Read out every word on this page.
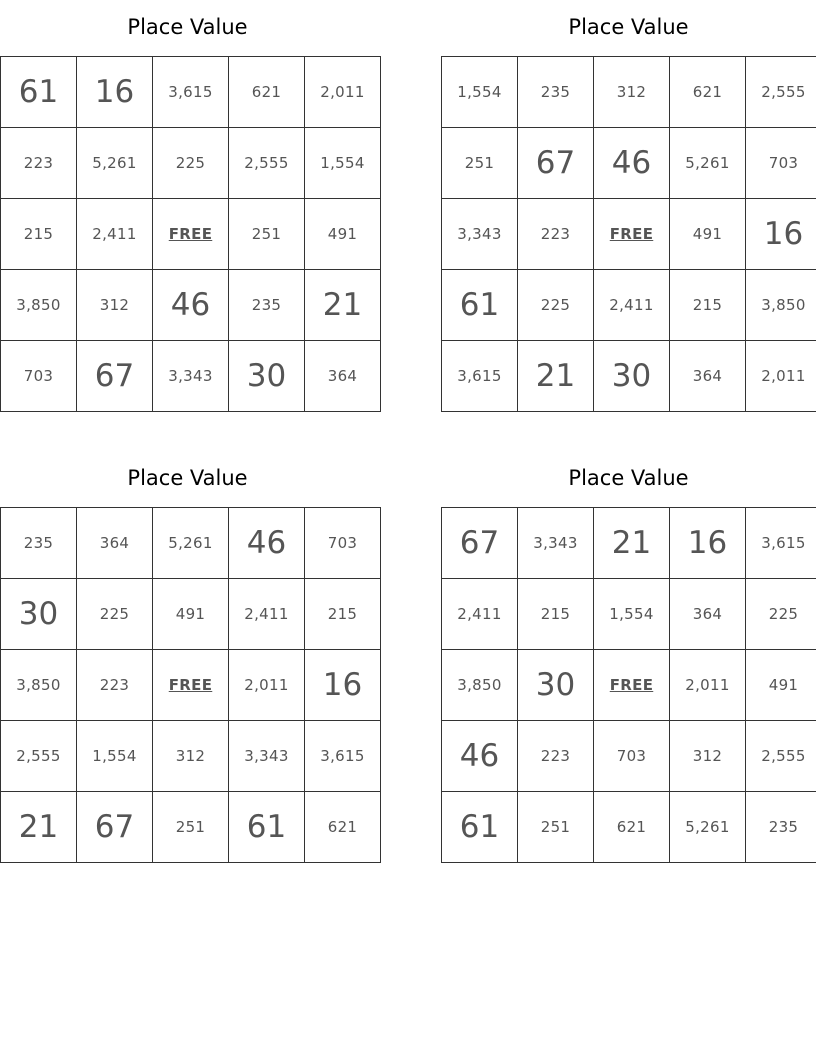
Place Value
61	16	3,615	621	2,011
223	5,261	225	2,555	1,554
215	2,411	FREE	251	491
3,850	312	46	235	21
703	67	3,343	30	364
Place Value
1,554	235	312	621	2,555
251	67	46	5,261	703
3,343	223	FREE	491	16
61	225	2,411	215	3,850
3,615	21	30	364	2,011
Place Value
235	364	5,261	46	703
30	225	491	2,411	215
3,850	223	FREE	2,011	16
2,555	1,554	312	3,343	3,615
21	67	251	61	621
Place Value
67	3,343	21	16	3,615
2,411	215	1,554	364	225
3,850	30	FREE	2,011	491
46	223	703	312	2,555
61	251	621	5,261	235
